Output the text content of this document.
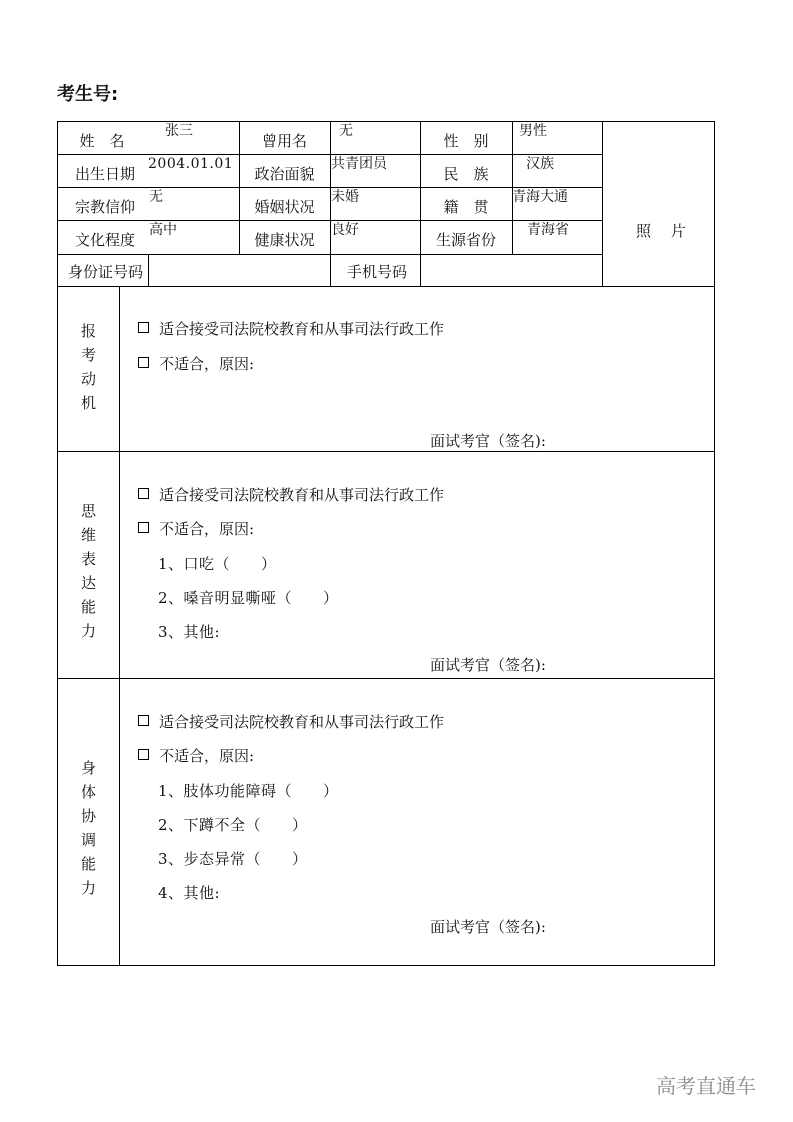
考生号:
姓　名
张三
曾用名
无
性　别
男性
出生日期
2004.01.01
政治面貌
共青团员
民　族
汉族
宗教信仰
无
婚姻状况
未婚
籍　贯
青海大通
文化程度
高中
健康状况
良好
生源省份
青海省
身份证号码	手机号码
照片
报
考
动
机
适合接受司法院校教育和从事司法行政工作
不适合，原因:
面试考官（签名):
思
维
表
达
能
力
适合接受司法院校教育和从事司法行政工作
不适合，原因:
1、口吃（　　）
2、嗓音明显嘶哑（　　）
3、其他:
面试考官（签名):
身
体
协
调
能
力
适合接受司法院校教育和从事司法行政工作
不适合，原因:
1、肢体功能障碍（　　）
2、下蹲不全（　　）
3、步态异常（　　）
4、其他:
面试考官（签名):
高考直通车
